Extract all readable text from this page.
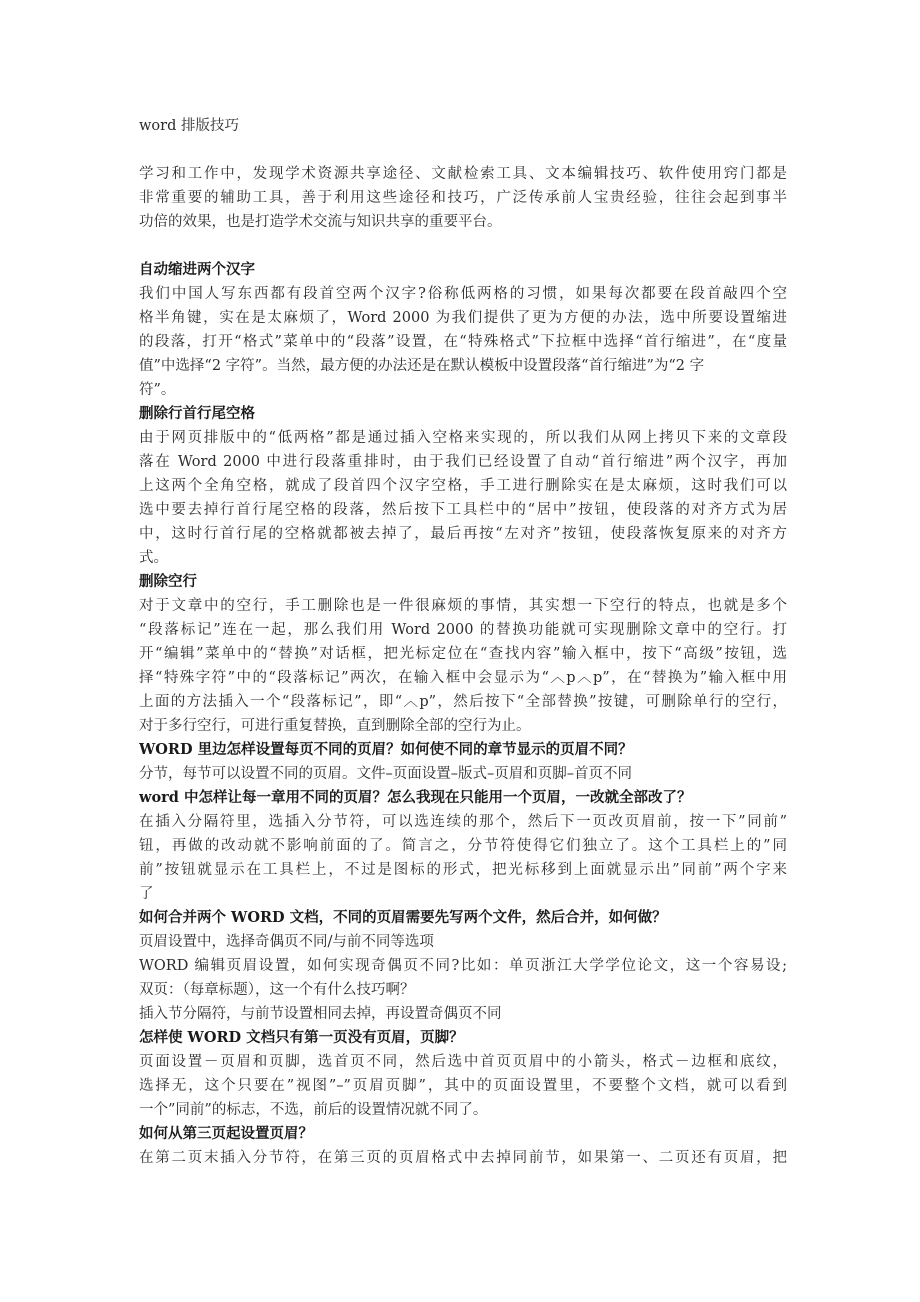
word 排版技巧
学习和工作中，发现学术资源共享途径、文献检索工具、文本编辑技巧、软件使用窍门都是
非常重要的辅助工具，善于利用这些途径和技巧，广泛传承前人宝贵经验，往往会起到事半
功倍的效果，也是打造学术交流与知识共享的重要平台。
自动缩进两个汉字
我们中国人写东西都有段首空两个汉字?俗称低两格的习惯，如果每次都要在段首敲四个空
格半角键，实在是太麻烦了，Word 2000 为我们提供了更为方便的办法，选中所要设置缩进
的段落，打开“格式”菜单中的“段落”设置，在“特殊格式”下拉框中选择“首行缩进”，在“度量
值”中选择“2 字符”。当然，最方便的办法还是在默认模板中设置段落“首行缩进”为“2 字
符”。
删除行首行尾空格
由于网页排版中的“低两格”都是通过插入空格来实现的，所以我们从网上拷贝下来的文章段
落在 Word 2000 中进行段落重排时，由于我们已经设置了自动“首行缩进”两个汉字，再加
上这两个全角空格，就成了段首四个汉字空格，手工进行删除实在是太麻烦，这时我们可以
选中要去掉行首行尾空格的段落，然后按下工具栏中的“居中”按钮，使段落的对齐方式为居
中，这时行首行尾的空格就都被去掉了，最后再按“左对齐”按钮，使段落恢复原来的对齐方
式。
删除空行
对于文章中的空行，手工删除也是一件很麻烦的事情，其实想一下空行的特点，也就是多个
“段落标记”连在一起，那么我们用 Word 2000 的替换功能就可实现删除文章中的空行。打
开“编辑”菜单中的“替换”对话框，把光标定位在“查找内容”输入框中，按下“高级”按钮，选
择“特殊字符”中的“段落标记”两次，在输入框中会显示为“︿p︿p”，在“替换为”输入框中用
上面的方法插入一个“段落标记”，即“︿p”，然后按下“全部替换”按键，可删除单行的空行，
对于多行空行，可进行重复替换，直到删除全部的空行为止。
WORD 里边怎样设置每页不同的页眉？如何使不同的章节显示的页眉不同？
分节，每节可以设置不同的页眉。文件–页面设置–版式–页眉和页脚–首页不同
word 中怎样让每一章用不同的页眉？怎么我现在只能用一个页眉，一改就全部改了？
在插入分隔符里，选插入分节符，可以选连续的那个，然后下一页改页眉前，按一下”同前”
钮，再做的改动就不影响前面的了。简言之，分节符使得它们独立了。这个工具栏上的”同
前”按钮就显示在工具栏上，不过是图标的形式，把光标移到上面就显示出”同前”两个字来
了
如何合并两个 WORD 文档，不同的页眉需要先写两个文件，然后合并，如何做？
页眉设置中，选择奇偶页不同/与前不同等选项
WORD 编辑页眉设置，如何实现奇偶页不同?比如：单页浙江大学学位论文，这一个容易设;
双页：（每章标题），这一个有什么技巧啊？
插入节分隔符，与前节设置相同去掉，再设置奇偶页不同
怎样使 WORD 文档只有第一页没有页眉，页脚？
页面设置－页眉和页脚，选首页不同，然后选中首页页眉中的小箭头，格式－边框和底纹，
选择无，这个只要在”视图”–”页眉页脚”，其中的页面设置里，不要整个文档，就可以看到
一个”同前”的标志，不选，前后的设置情况就不同了。
如何从第三页起设置页眉？
在第二页末插入分节符，在第三页的页眉格式中去掉同前节，如果第一、二页还有页眉，把
